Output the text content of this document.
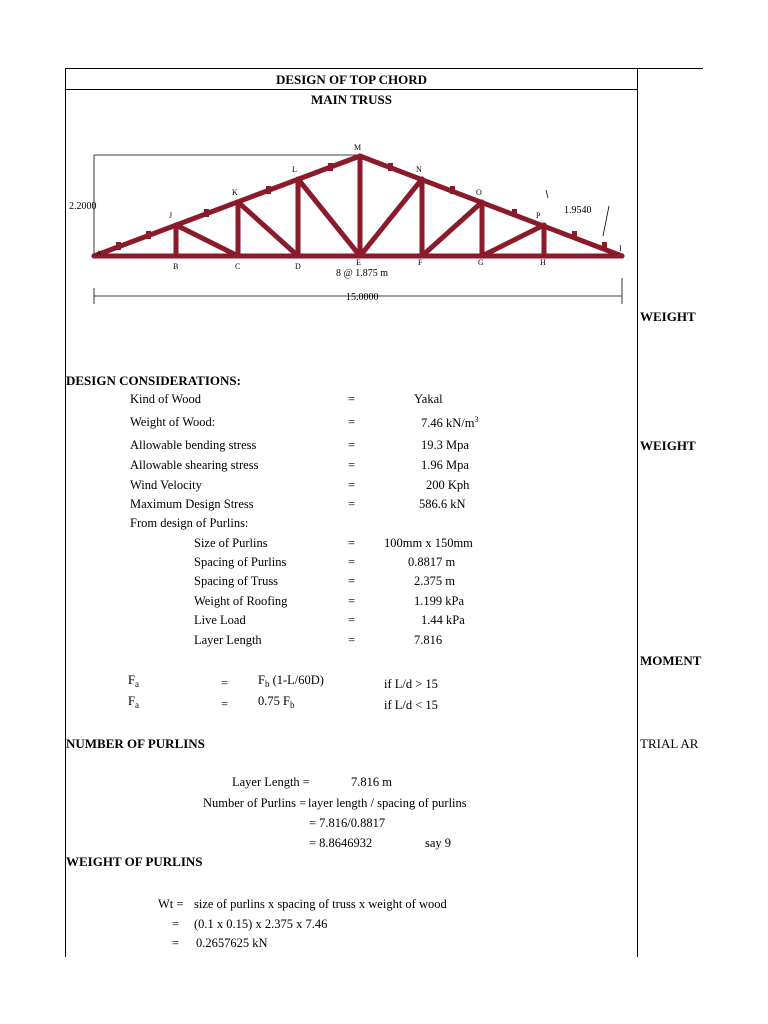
DESIGN OF TOP CHORD
MAIN TRUSS
A
J
K
L
M
N
O
P
I
B	C	D	E	F	G	H
2.2000
8 @ 1.875 m
15.0000
1.9540
WEIGHT
WEIGHT
MOMENT
TRIAL AR
DESIGN CONSIDERATIONS:
Kind of Wood	=	Yakal
Weight of Wood:	=	7.46 $kN/m^3$
Allowable bending stress	=	19.3 Mpa
Allowable shearing stress	=	1.96 Mpa
Wind Velocity	=	200 Kph
Maximum Design Stress	=	586.6 kN
From design of Purlins:
Size of Purlins	= 100mm x 150mm
Spacing of Purlins	=	0.8817 m
Spacing of Truss	=	2.375 m
Weight of Roofing	=	1.199 kPa
Live Load	=	1.44 kPa
Layer Length	=	7.816
$F_a$	= $F_b$ (1-L/60D)	if L/d > 15
$F_a$	= 0.75 $F_b$	if L/d < 15
NUMBER OF PURLINS
Layer Length =	7.816 m
Number of Purlins = layer length / spacing of purlins
= 7.816/0.8817
= 8.8646932	say 9
WEIGHT OF PURLINS
Wt = size of purlins x spacing of truss x weight of wood
= (0.1 x 0.15) x 2.375 x 7.46
= 0.2657625 kN
